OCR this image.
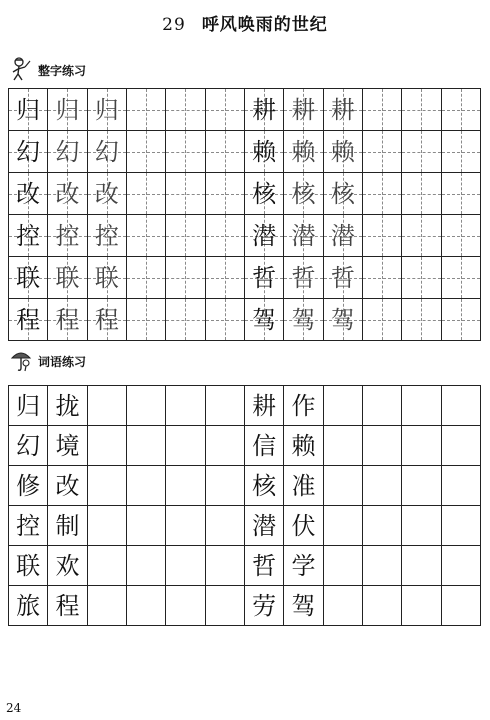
29 呼风唤雨的世纪
整字练习
归 归 归	耕 耕 耕
幻 幻 幻	赖 赖 赖
改 改 改	核 核 核
控 控 控	潜 潜 潜
联 联 联	哲 哲 哲
程 程 程	驾 驾 驾
词语练习
归 拢	耕 作
幻 境	信 赖
修 改	核 准
控 制	潜 伏
联 欢	哲 学
旅 程	劳 驾
24
